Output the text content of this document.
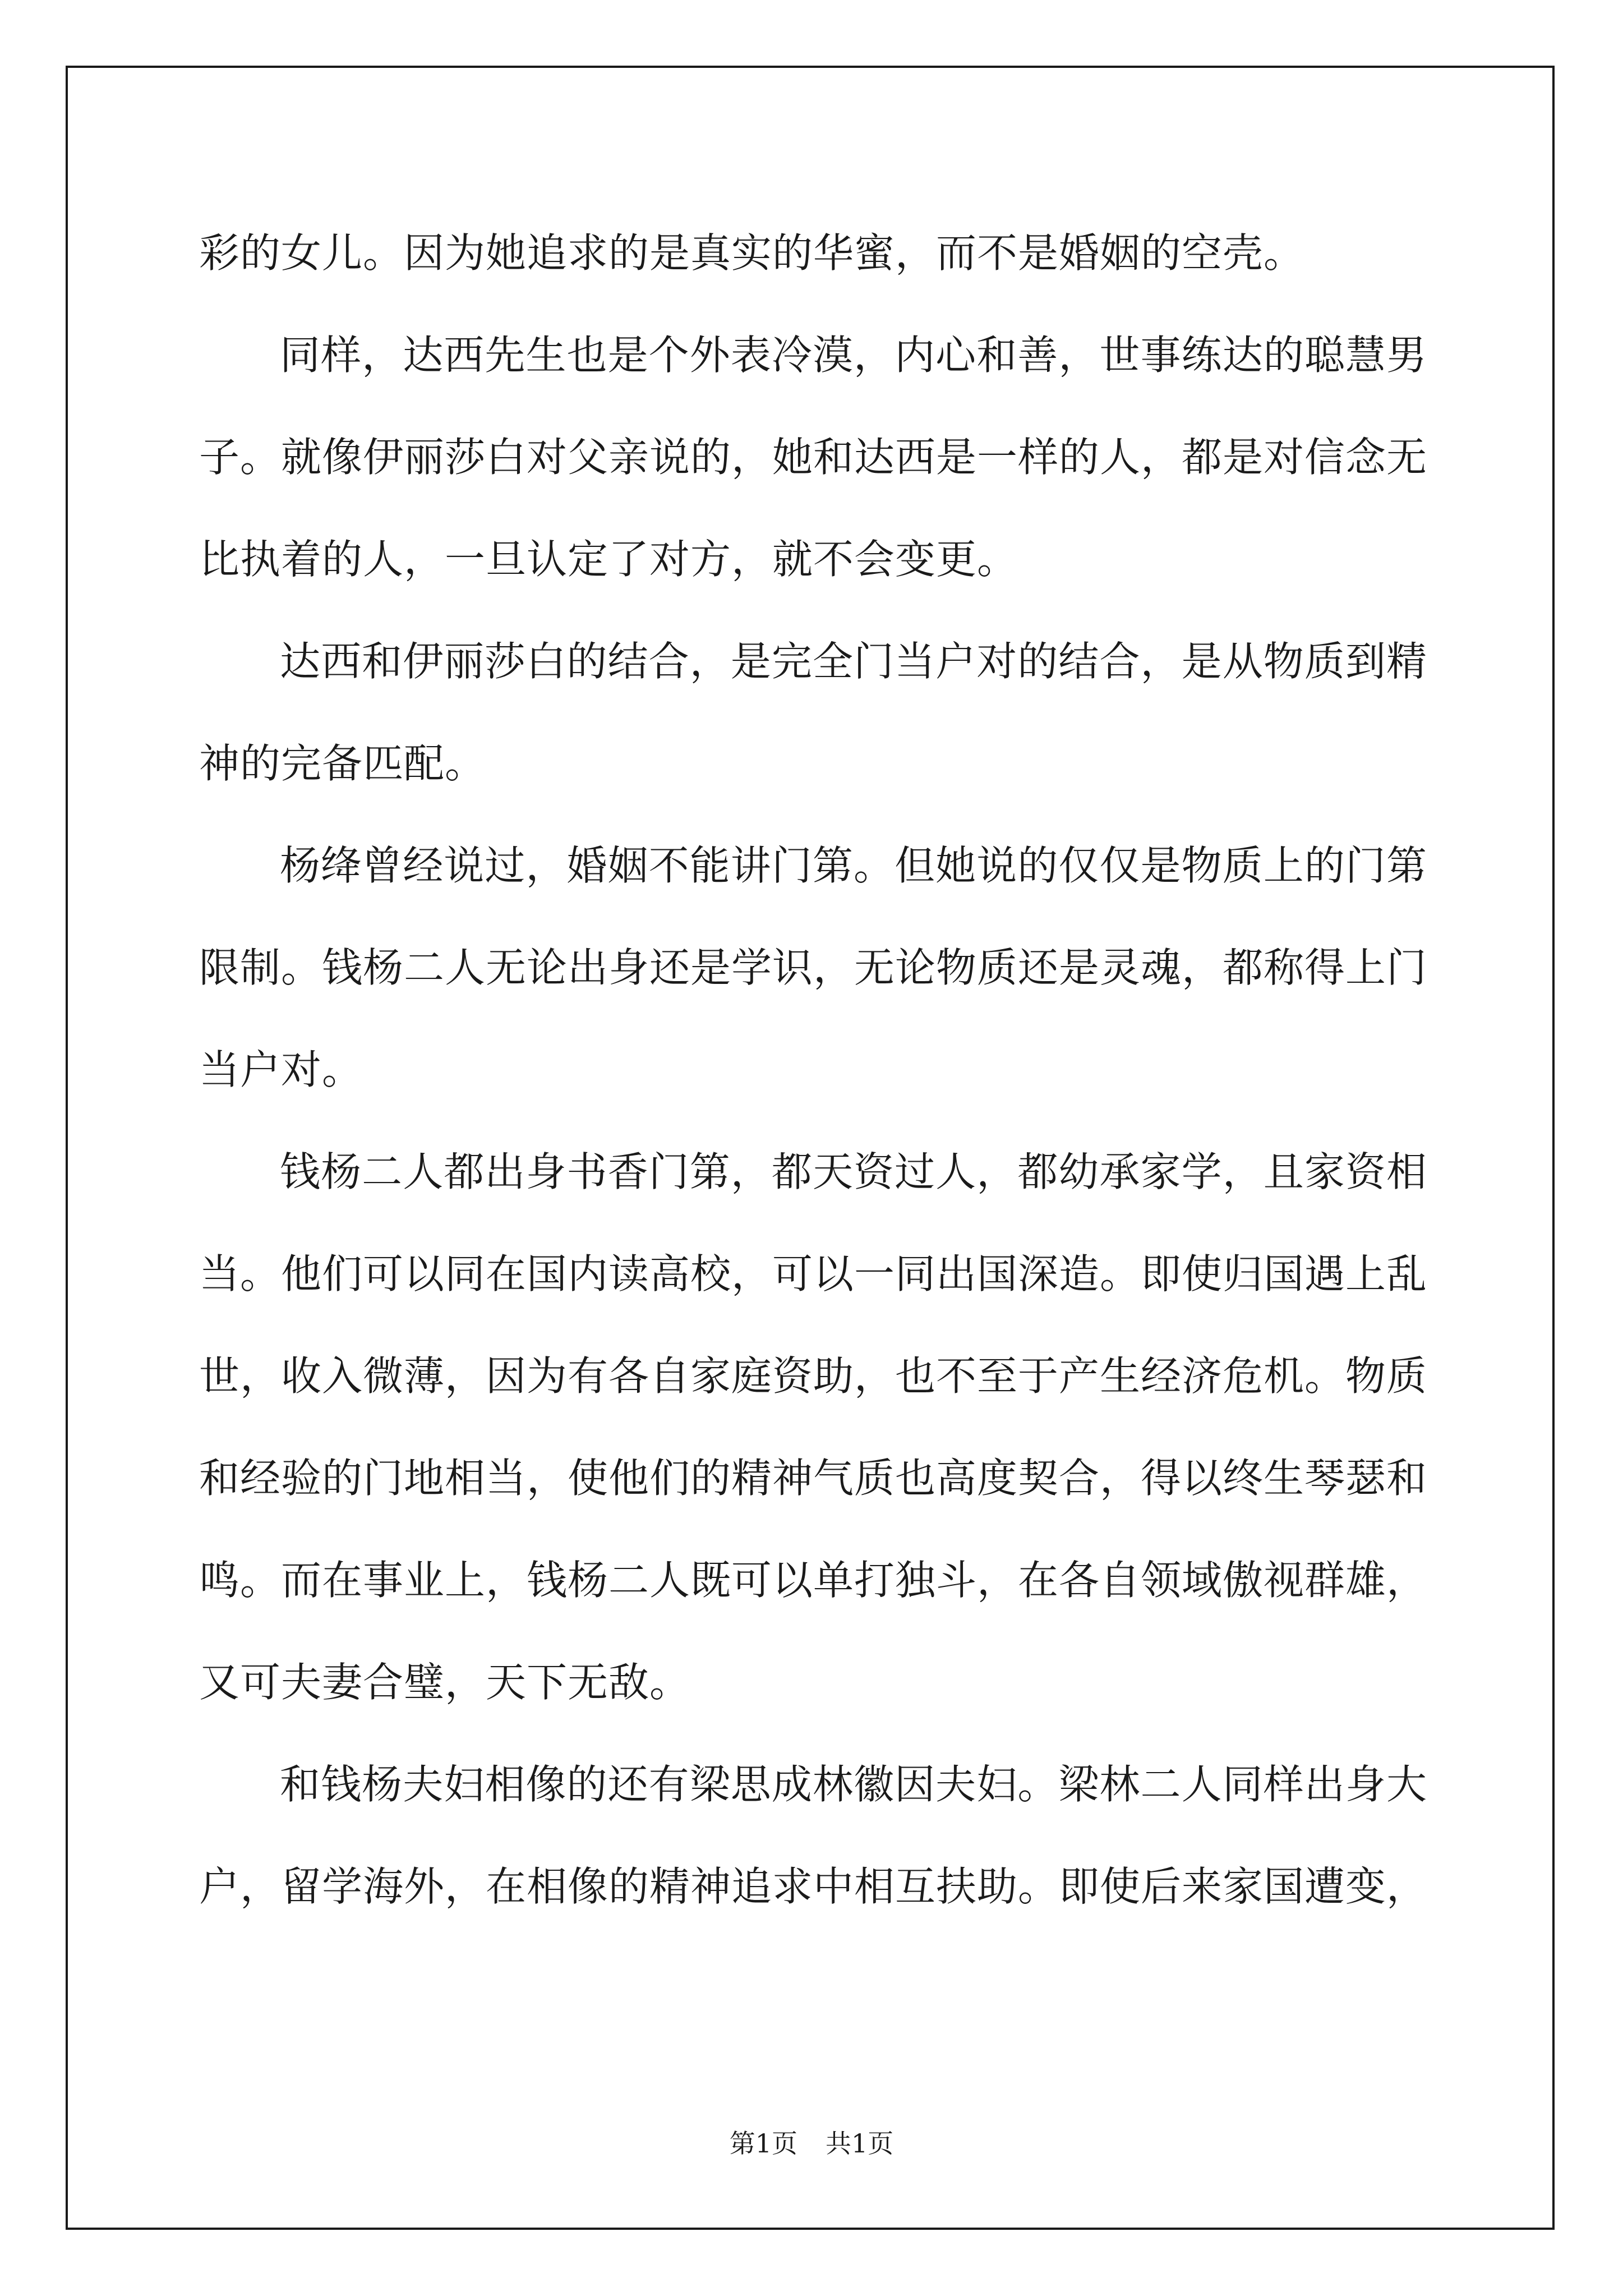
彩的女儿。因为她追求的是真实的华蜜，而不是婚姻的空壳。

同样，达西先生也是个外表冷漠，内心和善，世事练达的聪慧男子。就像伊丽莎白对父亲说的，她和达西是一样的人，都是对信念无比执着的人，一旦认定了对方，就不会变更。

达西和伊丽莎白的结合，是完全门当户对的结合，是从物质到精神的完备匹配。

杨绛曾经说过，婚姻不能讲门第。但她说的仅仅是物质上的门第限制。钱杨二人无论出身还是学识，无论物质还是灵魂，都称得上门当户对。

钱杨二人都出身书香门第，都天资过人，都幼承家学，且家资相当。他们可以同在国内读高校，可以一同出国深造。即使归国遇上乱世，收入微薄，因为有各自家庭资助，也不至于产生经济危机。物质和经验的门地相当，使他们的精神气质也高度契合，得以终生琴瑟和鸣。而在事业上，钱杨二人既可以单打独斗，在各自领域傲视群雄，又可夫妻合璧，天下无敌。

和钱杨夫妇相像的还有梁思成林徽因夫妇。梁林二人同样出身大户，留学海外，在相像的精神追求中相互扶助。即使后来家国遭变，

第1页 共1页
